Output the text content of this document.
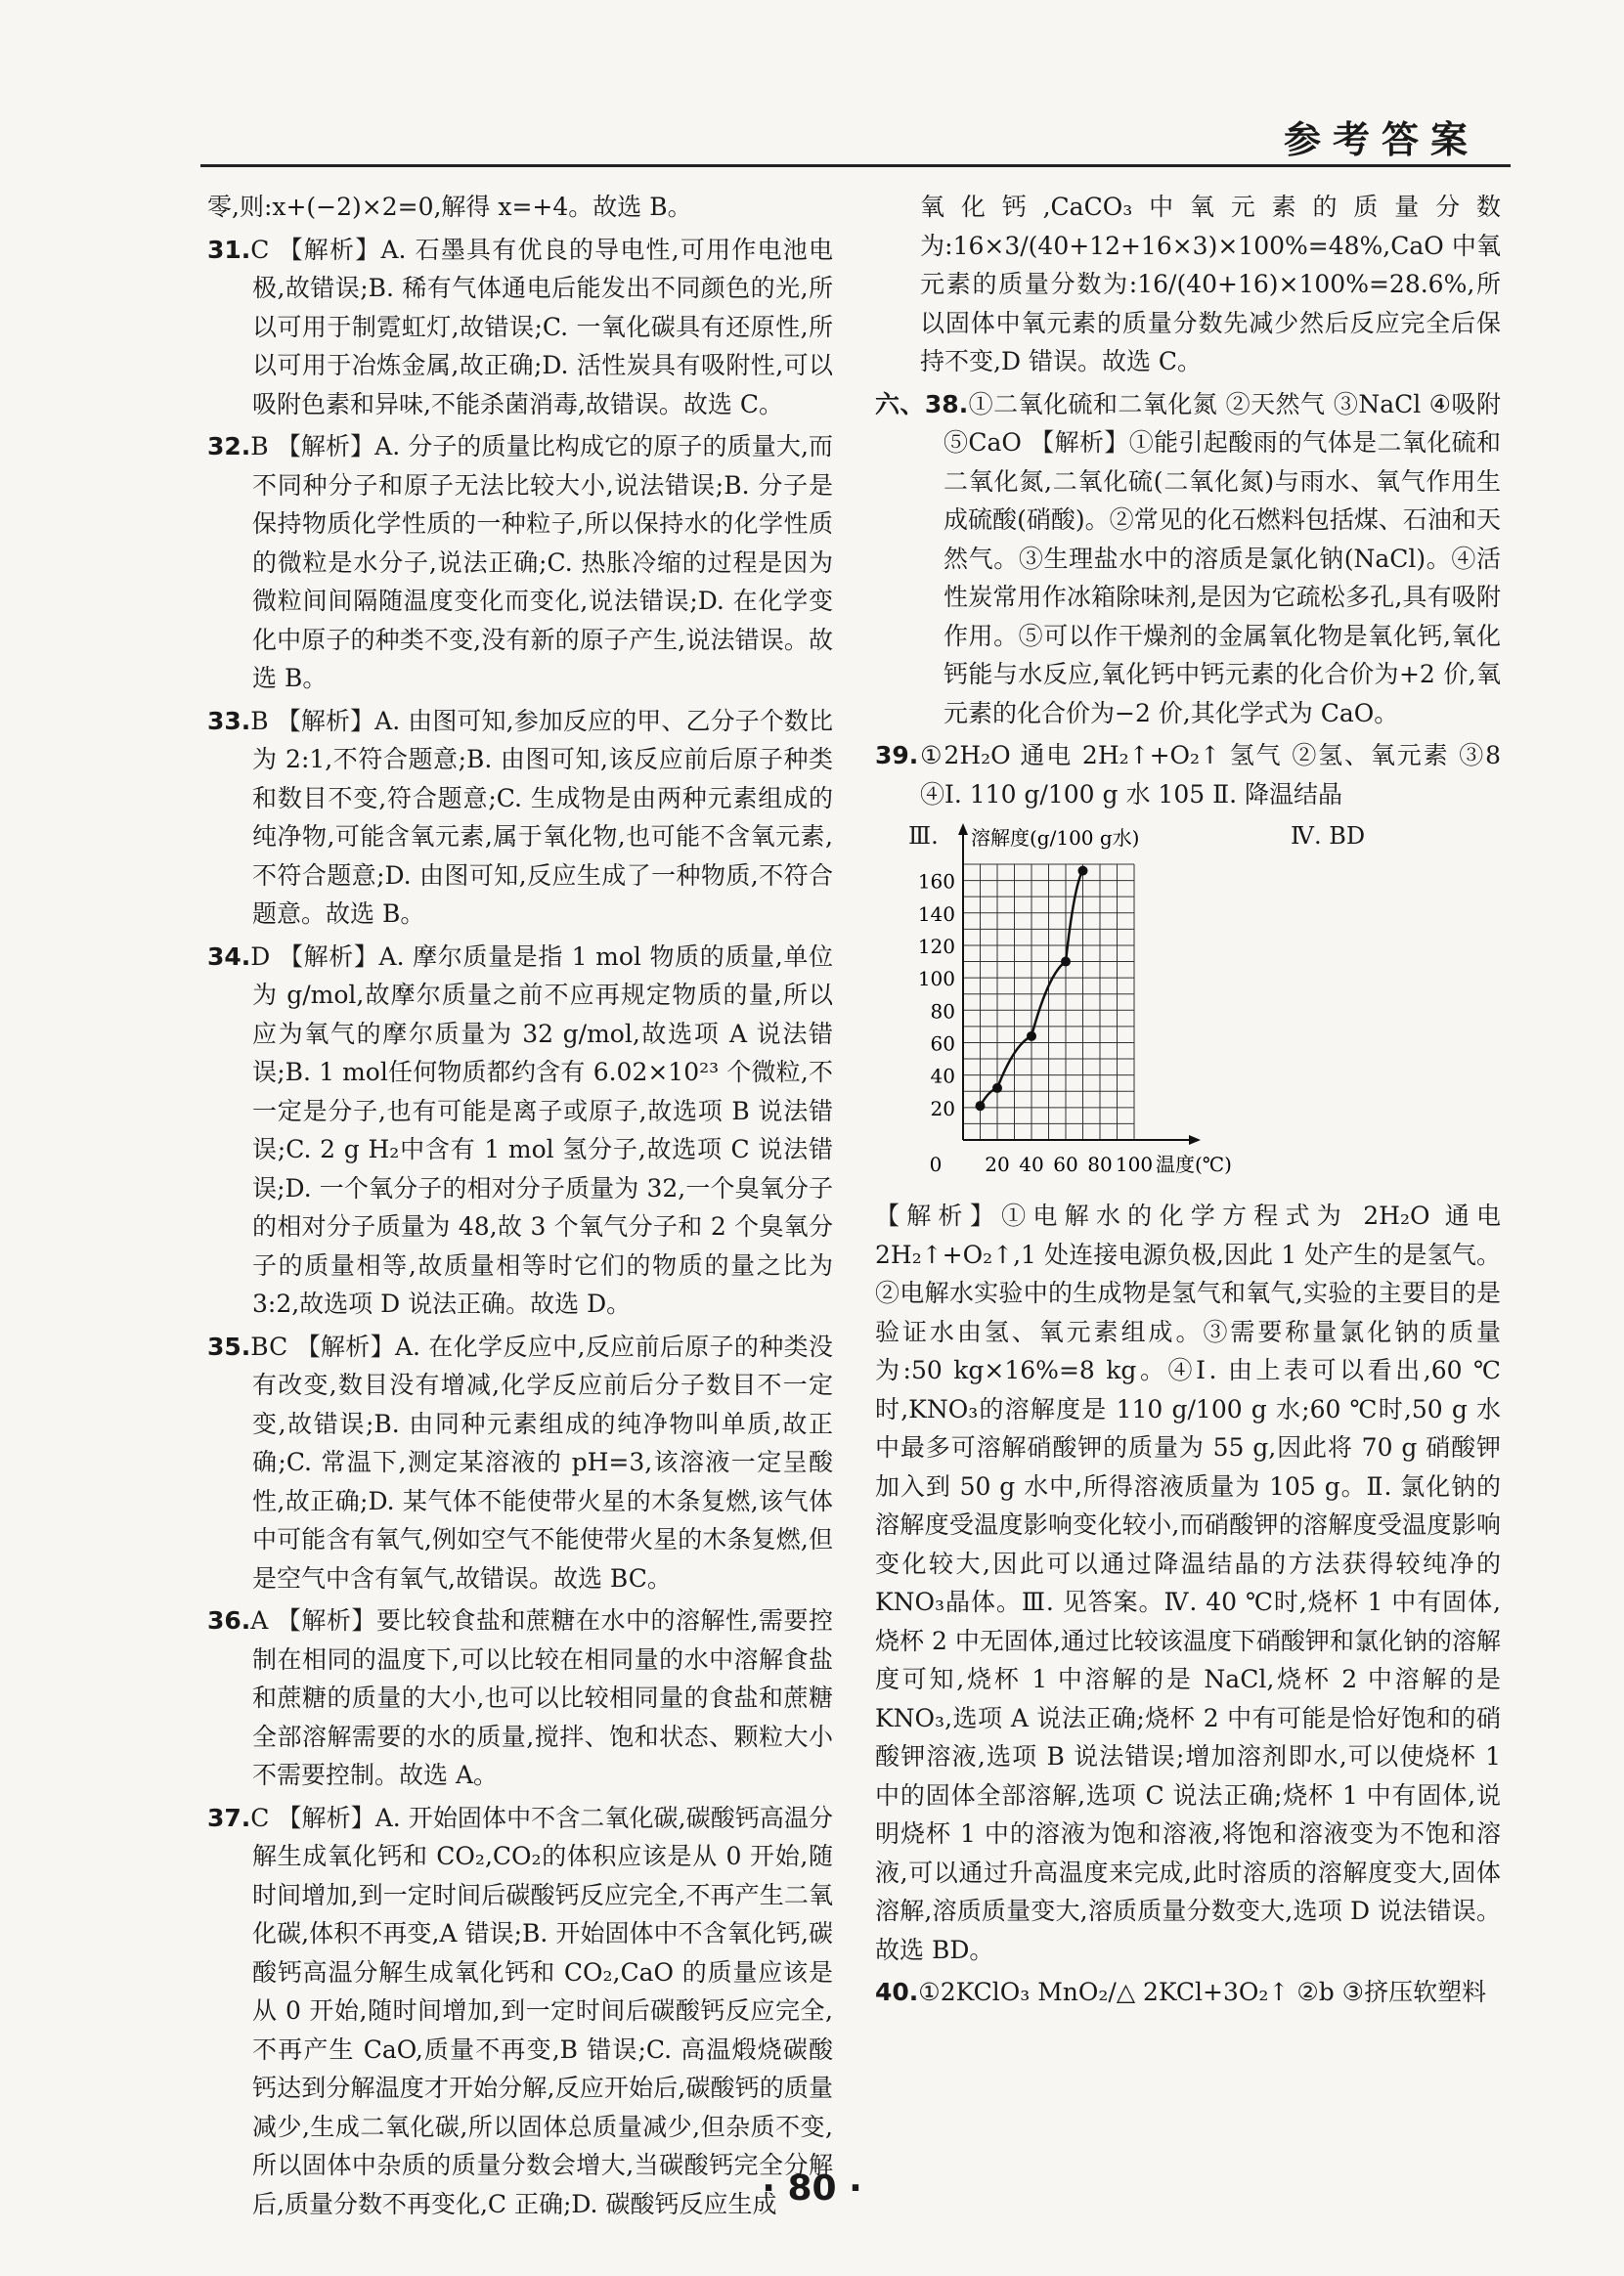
参考答案

零,则:x+(−2)×2=0,解得 x=+4。故选 B。

31.C 【解析】A. 石墨具有优良的导电性,可用作电池电极,故错误;B. 稀有气体通电后能发出不同颜色的光,所以可用于制霓虹灯,故错误;C. 一氧化碳具有还原性,所以可用于冶炼金属,故正确;D. 活性炭具有吸附性,可以吸附色素和异味,不能杀菌消毒,故错误。故选 C。

32.B 【解析】A. 分子的质量比构成它的原子的质量大,而不同种分子和原子无法比较大小,说法错误;B. 分子是保持物质化学性质的一种粒子,所以保持水的化学性质的微粒是水分子,说法正确;C. 热胀冷缩的过程是因为微粒间间隔随温度变化而变化,说法错误;D. 在化学变化中原子的种类不变,没有新的原子产生,说法错误。故选 B。

33.B 【解析】A. 由图可知,参加反应的甲、乙分子个数比为 2:1,不符合题意;B. 由图可知,该反应前后原子种类和数目不变,符合题意;C. 生成物是由两种元素组成的纯净物,可能含氧元素,属于氧化物,也可能不含氧元素,不符合题意;D. 由图可知,反应生成了一种物质,不符合题意。故选 B。

34.D 【解析】A. 摩尔质量是指 1 mol 物质的质量,单位为 g/mol,故摩尔质量之前不应再规定物质的量,所以应为氧气的摩尔质量为 32 g/mol,故选项 A 说法错误;B. 1 mol任何物质都约含有 6.02×10²³ 个微粒,不一定是分子,也有可能是离子或原子,故选项 B 说法错误;C. 2 g H₂中含有 1 mol 氢分子,故选项 C 说法错误;D. 一个氧分子的相对分子质量为 32,一个臭氧分子的相对分子质量为 48,故 3 个氧气分子和 2 个臭氧分子的质量相等,故质量相等时它们的物质的量之比为 3:2,故选项 D 说法正确。故选 D。

35.BC 【解析】A. 在化学反应中,反应前后原子的种类没有改变,数目没有增减,化学反应前后分子数目不一定变,故错误;B. 由同种元素组成的纯净物叫单质,故正确;C. 常温下,测定某溶液的 pH=3,该溶液一定呈酸性,故正确;D. 某气体不能使带火星的木条复燃,该气体中可能含有氧气,例如空气不能使带火星的木条复燃,但是空气中含有氧气,故错误。故选 BC。

36.A 【解析】要比较食盐和蔗糖在水中的溶解性,需要控制在相同的温度下,可以比较在相同量的水中溶解食盐和蔗糖的质量的大小,也可以比较相同量的食盐和蔗糖全部溶解需要的水的质量,搅拌、饱和状态、颗粒大小不需要控制。故选 A。

37.C 【解析】A. 开始固体中不含二氧化碳,碳酸钙高温分解生成氧化钙和 CO₂,CO₂的体积应该是从 0 开始,随时间增加,到一定时间后碳酸钙反应完全,不再产生二氧化碳,体积不再变,A 错误;B. 开始固体中不含氧化钙,碳酸钙高温分解生成氧化钙和 CO₂,CaO 的质量应该是从 0 开始,随时间增加,到一定时间后碳酸钙反应完全,不再产生 CaO,质量不再变,B 错误;C. 高温煅烧碳酸钙达到分解温度才开始分解,反应开始后,碳酸钙的质量减少,生成二氧化碳,所以固体总质量减少,但杂质不变,所以固体中杂质的质量分数会增大,当碳酸钙完全分解后,质量分数不再变化,C 正确;D. 碳酸钙反应生成

氧化钙,CaCO₃中氧元素的质量分数为:16×3/(40+12+16×3)×100%=48%,CaO 中氧元素的质量分数为:16/(40+16)×100%=28.6%,所以固体中氧元素的质量分数先减少然后反应完全后保持不变,D 错误。故选 C。

六、38.①二氧化硫和二氧化氮 ②天然气 ③NaCl ④吸附 ⑤CaO 【解析】①能引起酸雨的气体是二氧化硫和二氧化氮,二氧化硫(二氧化氮)与雨水、氧气作用生成硫酸(硝酸)。②常见的化石燃料包括煤、石油和天然气。③生理盐水中的溶质是氯化钠(NaCl)。④活性炭常用作冰箱除味剂,是因为它疏松多孔,具有吸附作用。⑤可以作干燥剂的金属氧化物是氧化钙,氧化钙能与水反应,氧化钙中钙元素的化合价为+2 价,氧元素的化合价为−2 价,其化学式为 CaO。

39.①2H₂O 通电 2H₂↑+O₂↑ 氢气 ②氢、氧元素 ③8 ④Ⅰ. 110 g/100 g 水 105 Ⅱ. 降温结晶

20
40
60
80
100
120
140
160
0 20 40 60 80 100 温度(℃)
溶解度(g/100 g水)
Ⅲ.	Ⅳ. BD

【解析】①电解水的化学方程式为 2H₂O 通电 2H₂↑+O₂↑,1 处连接电源负极,因此 1 处产生的是氢气。②电解水实验中的生成物是氢气和氧气,实验的主要目的是验证水由氢、氧元素组成。③需要称量氯化钠的质量为:50 kg×16%=8 kg。④Ⅰ. 由上表可以看出,60 ℃时,KNO₃的溶解度是 110 g/100 g 水;60 ℃时,50 g 水中最多可溶解硝酸钾的质量为 55 g,因此将 70 g 硝酸钾加入到 50 g 水中,所得溶液质量为 105 g。Ⅱ. 氯化钠的溶解度受温度影响变化较小,而硝酸钾的溶解度受温度影响变化较大,因此可以通过降温结晶的方法获得较纯净的 KNO₃晶体。Ⅲ. 见答案。Ⅳ. 40 ℃时,烧杯 1 中有固体,烧杯 2 中无固体,通过比较该温度下硝酸钾和氯化钠的溶解度可知,烧杯 1 中溶解的是 NaCl,烧杯 2 中溶解的是 KNO₃,选项 A 说法正确;烧杯 2 中有可能是恰好饱和的硝酸钾溶液,选项 B 说法错误;增加溶剂即水,可以使烧杯 1 中的固体全部溶解,选项 C 说法正确;烧杯 1 中有固体,说明烧杯 1 中的溶液为饱和溶液,将饱和溶液变为不饱和溶液,可以通过升高温度来完成,此时溶质的溶解度变大,固体溶解,溶质质量变大,溶质质量分数变大,选项 D 说法错误。故选 BD。

40.①2KClO₃ MnO₂/△ 2KCl+3O₂↑ ②b ③挤压软塑料

· 80 ·
